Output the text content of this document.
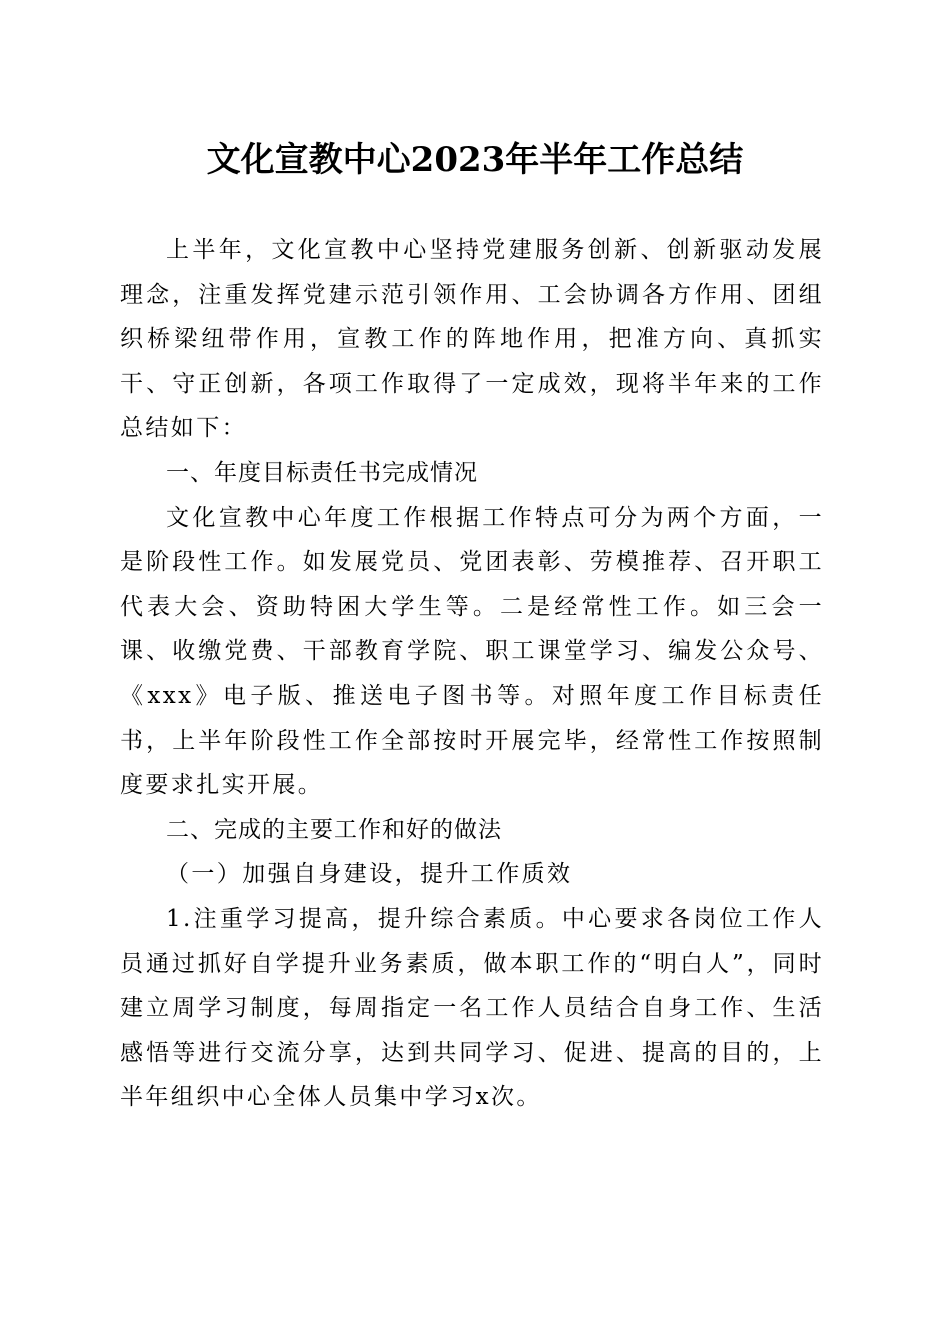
文化宣教中心2023年半年工作总结

上半年，文化宣教中心坚持党建服务创新、创新驱动发展理念，注重发挥党建示范引领作用、工会协调各方作用、团组织桥梁纽带作用，宣教工作的阵地作用，把准方向、真抓实干、守正创新，各项工作取得了一定成效，现将半年来的工作总结如下：

一、年度目标责任书完成情况

文化宣教中心年度工作根据工作特点可分为两个方面，一是阶段性工作。如发展党员、党团表彰、劳模推荐、召开职工代表大会、资助特困大学生等。二是经常性工作。如三会一课、收缴党费、干部教育学院、职工课堂学习、编发公众号、《xxx》电子版、推送电子图书等。对照年度工作目标责任书，上半年阶段性工作全部按时开展完毕，经常性工作按照制度要求扎实开展。

二、完成的主要工作和好的做法

（一）加强自身建设，提升工作质效

1.注重学习提高，提升综合素质。中心要求各岗位工作人员通过抓好自学提升业务素质，做本职工作的“明白人”，同时建立周学习制度，每周指定一名工作人员结合自身工作、生活感悟等进行交流分享，达到共同学习、促进、提高的目的，上半年组织中心全体人员集中学习x次。
